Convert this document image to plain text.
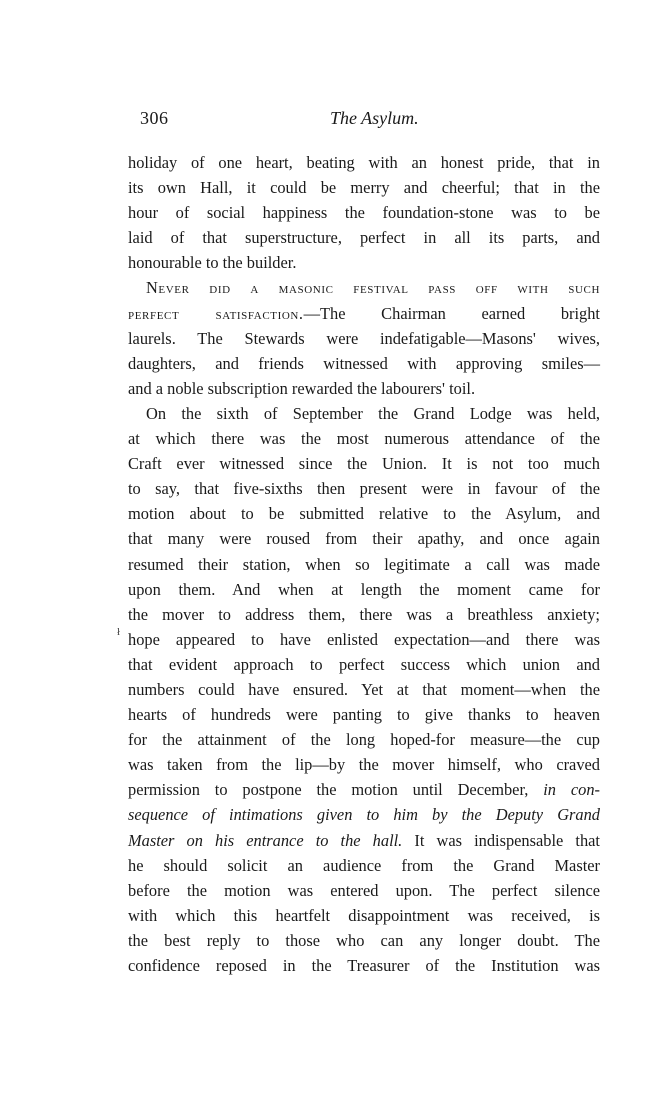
306	The Asylum.
ł
holiday of one heart, beating with an honest pride, that in
its own Hall, it could be merry and cheerful; that in the
hour of social happiness the foundation-stone was to be
laid of that superstructure, perfect in all its parts, and
honourable to the builder.
Never did a masonic festival pass off with such
perfect satisfaction.—The Chairman earned bright
laurels. The Stewards were indefatigable—Masons' wives,
daughters, and friends witnessed with approving smiles—
and a noble subscription rewarded the labourers' toil.
On the sixth of September the Grand Lodge was held,
at which there was the most numerous attendance of the
Craft ever witnessed since the Union. It is not too much
to say, that five-sixths then present were in favour of the
motion about to be submitted relative to the Asylum, and
that many were roused from their apathy, and once again
resumed their station, when so legitimate a call was made
upon them. And when at length the moment came for
the mover to address them, there was a breathless anxiety;
hope appeared to have enlisted expectation—and there was
that evident approach to perfect success which union and
numbers could have ensured. Yet at that moment—when the
hearts of hundreds were panting to give thanks to heaven
for the attainment of the long hoped-for measure—the cup
was taken from the lip—by the mover himself, who craved
permission to postpone the motion until December, in con-
sequence of intimations given to him by the Deputy Grand
Master on his entrance to the hall. It was indispensable that
he should solicit an audience from the Grand Master
before the motion was entered upon. The perfect silence
with which this heartfelt disappointment was received, is
the best reply to those who can any longer doubt. The
confidence reposed in the Treasurer of the Institution was
